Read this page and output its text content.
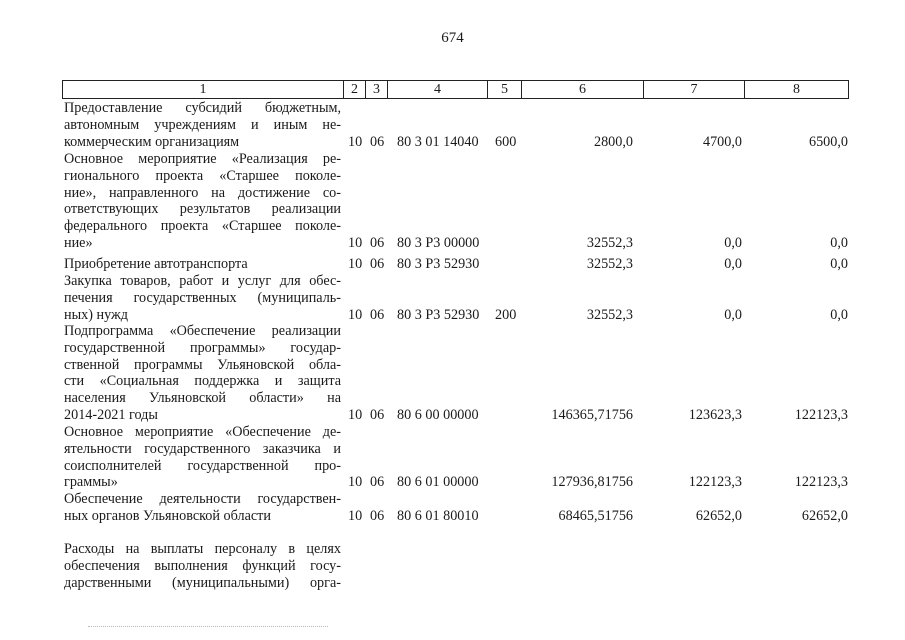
674
1	2	3	4	5	6	7	8
Предоставление субсидий бюджетным,
автономным учреждениям и иным не-
коммерческим организациям	10 06 80 3 01 14040 600	2800,0	4700,0	6500,0
Основное мероприятие «Реализация ре-
гионального проекта «Старшее поколе-
ние», направленного на достижение со-
ответствующих результатов реализации
федерального проекта «Старшее поколе-
ние»	10 06 80 3 P3 00000	32552,3	0,0	0,0
Приобретение автотранспорта	10 06 80 3 P3 52930	32552,3	0,0	0,0
Закупка товаров, работ и услуг для обес-
печения государственных (муниципаль-
ных) нужд	10 06 80 3 P3 52930 200	32552,3	0,0	0,0
Подпрограмма «Обеспечение реализации
государственной программы» государ-
ственной программы Ульяновской обла-
сти «Социальная поддержка и защита
населения Ульяновской области» на
2014-2021 годы	10 06 80 6 00 00000	146365,71756	123623,3	122123,3
Основное мероприятие «Обеспечение де-
ятельности государственного заказчика и
соисполнителей государственной про-
граммы»	10 06 80 6 01 00000	127936,81756	122123,3	122123,3
Обеспечение деятельности государствен-
ных органов Ульяновской области	10 06 80 6 01 80010	68465,51756	62652,0	62652,0
Расходы на выплаты персоналу в целях
обеспечения выполнения функций госу-
дарственными (муниципальными) орга-
